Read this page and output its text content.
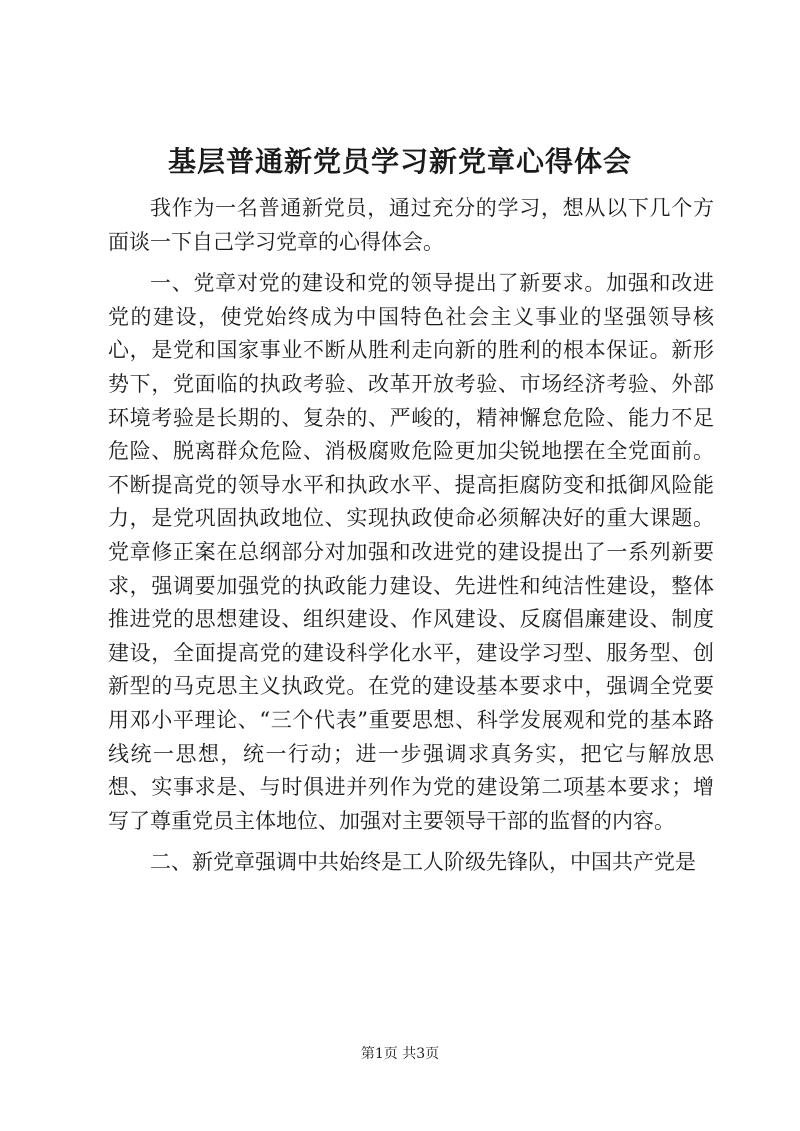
基层普通新党员学习新党章心得体会

我作为一名普通新党员，通过充分的学习，想从以下几个方面谈一下自己学习党章的心得体会。

一、党章对党的建设和党的领导提出了新要求。加强和改进党的建设，使党始终成为中国特色社会主义事业的坚强领导核心，是党和国家事业不断从胜利走向新的胜利的根本保证。新形势下，党面临的执政考验、改革开放考验、市场经济考验、外部环境考验是长期的、复杂的、严峻的，精神懈怠危险、能力不足危险、脱离群众危险、消极腐败危险更加尖锐地摆在全党面前。不断提高党的领导水平和执政水平、提高拒腐防变和抵御风险能力，是党巩固执政地位、实现执政使命必须解决好的重大课题。党章修正案在总纲部分对加强和改进党的建设提出了一系列新要求，强调要加强党的执政能力建设、先进性和纯洁性建设，整体推进党的思想建设、组织建设、作风建设、反腐倡廉建设、制度建设，全面提高党的建设科学化水平，建设学习型、服务型、创新型的马克思主义执政党。在党的建设基本要求中，强调全党要用邓小平理论、“三个代表”重要思想、科学发展观和党的基本路线统一思想，统一行动；进一步强调求真务实，把它与解放思想、实事求是、与时俱进并列作为党的建设第二项基本要求；增写了尊重党员主体地位、加强对主要领导干部的监督的内容。

二、新党章强调中共始终是工人阶级先锋队，中国共产党是

第1页 共3页
